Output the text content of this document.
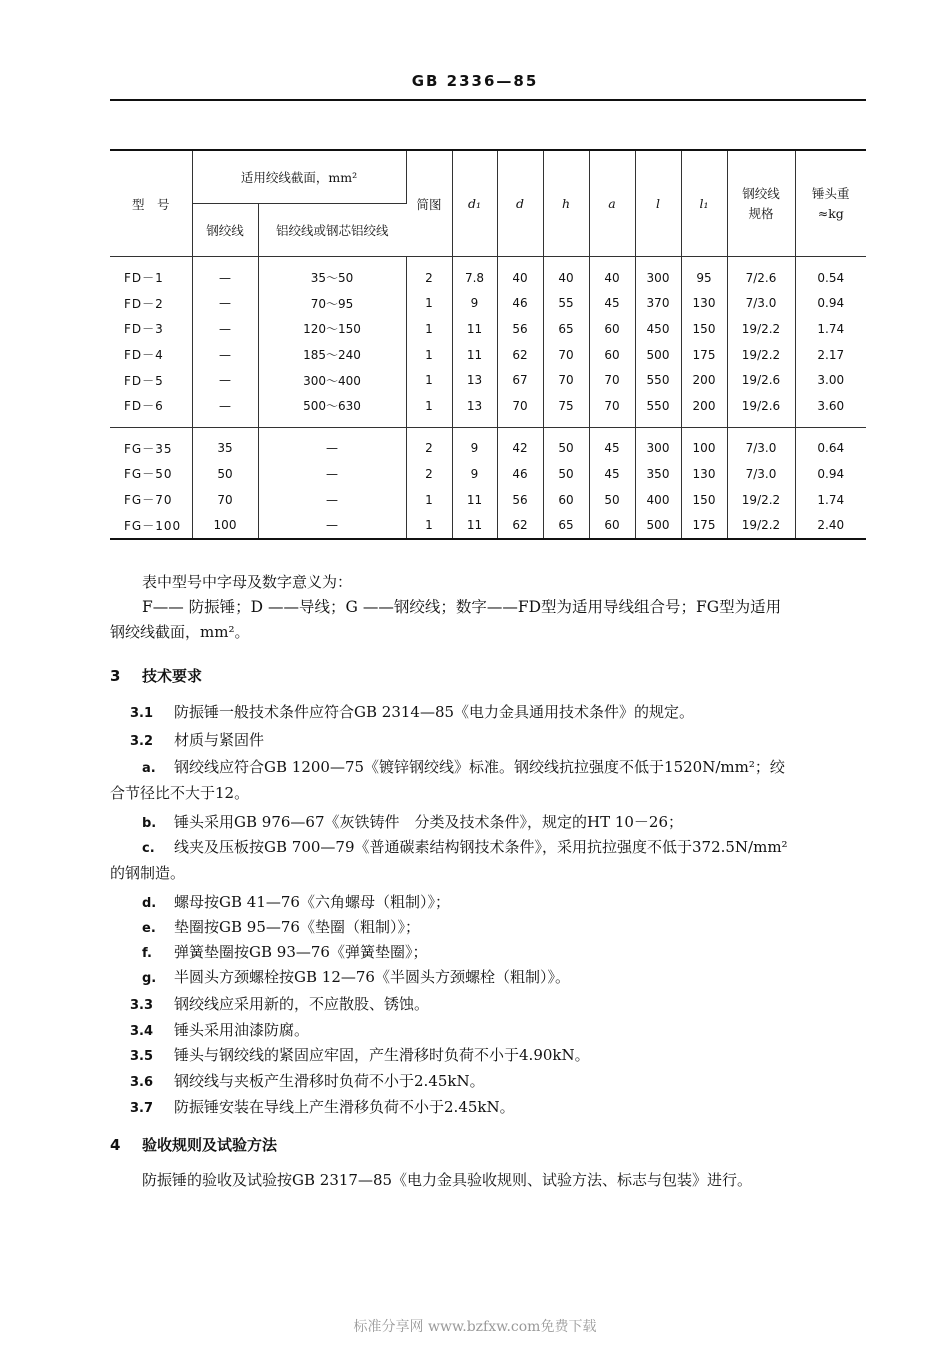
GB 2336—85
型　号	适用绞线截面，mm²		简图	d₁	d	h	a	l	l₁	钢绞线
规格	锤头重
≈kg
	钢绞线	铝绞线或钢芯铝绞线									

FD－1	—	35～50	2	7.8	40	40	40	300	95	7/2.6	0.54
FD－2	—	70～95	1	9	46	55	45	370	130	7/3.0	0.94
FD－3	—	120～150	1	11	56	65	60	450	150	19/2.2	1.74
FD－4	—	185～240	1	11	62	70	60	500	175	19/2.2	2.17
FD－5	—	300～400	1	13	67	70	70	550	200	19/2.6	3.00
FD－6	—	500～630	1	13	70	75	70	550	200	19/2.6	3.60

FG－35	35	—	2	9	42	50	45	300	100	7/3.0	0.64
FG－50	50	—	2	9	46	50	45	350	130	7/3.0	0.94
FG－70	70	—	1	11	56	60	50	400	150	19/2.2	1.74
FG－100	100	—	1	11	62	65	60	500	175	19/2.2	2.40
表中型号中字母及数字意义为：
F—— 防振锤；D ——导线；G ——钢绞线；数字——FD型为适用导线组合号；FG型为适用
钢绞线截面，mm²。
3 技术要求
3.1 防振锤一般技术条件应符合GB 2314—85《电力金具通用技术条件》的规定。
3.2 材质与紧固件
a. 钢绞线应符合GB 1200—75《镀锌钢绞线》标准。钢绞线抗拉强度不低于1520N/mm²；绞
合节径比不大于12。
b. 锤头采用GB 976—67《灰铁铸件　分类及技术条件》，规定的HT 10－26；
c. 线夹及压板按GB 700—79《普通碳素结构钢技术条件》，采用抗拉强度不低于372.5N/mm²
的钢制造。
d. 螺母按GB 41—76《六角螺母（粗制）》；
e. 垫圈按GB 95—76《垫圈（粗制）》；
f. 弹簧垫圈按GB 93—76《弹簧垫圈》；
g. 半圆头方颈螺栓按GB 12—76《半圆头方颈螺栓（粗制）》。
3.3 钢绞线应采用新的，不应散股、锈蚀。
3.4 锤头采用油漆防腐。
3.5 锤头与钢绞线的紧固应牢固，产生滑移时负荷不小于4.90kN。
3.6 钢绞线与夹板产生滑移时负荷不小于2.45kN。
3.7 防振锤安装在导线上产生滑移负荷不小于2.45kN。
4 验收规则及试验方法
防振锤的验收及试验按GB 2317—85《电力金具验收规则、试验方法、标志与包装》进行。
标准分享网 www.bzfxw.com免费下载
